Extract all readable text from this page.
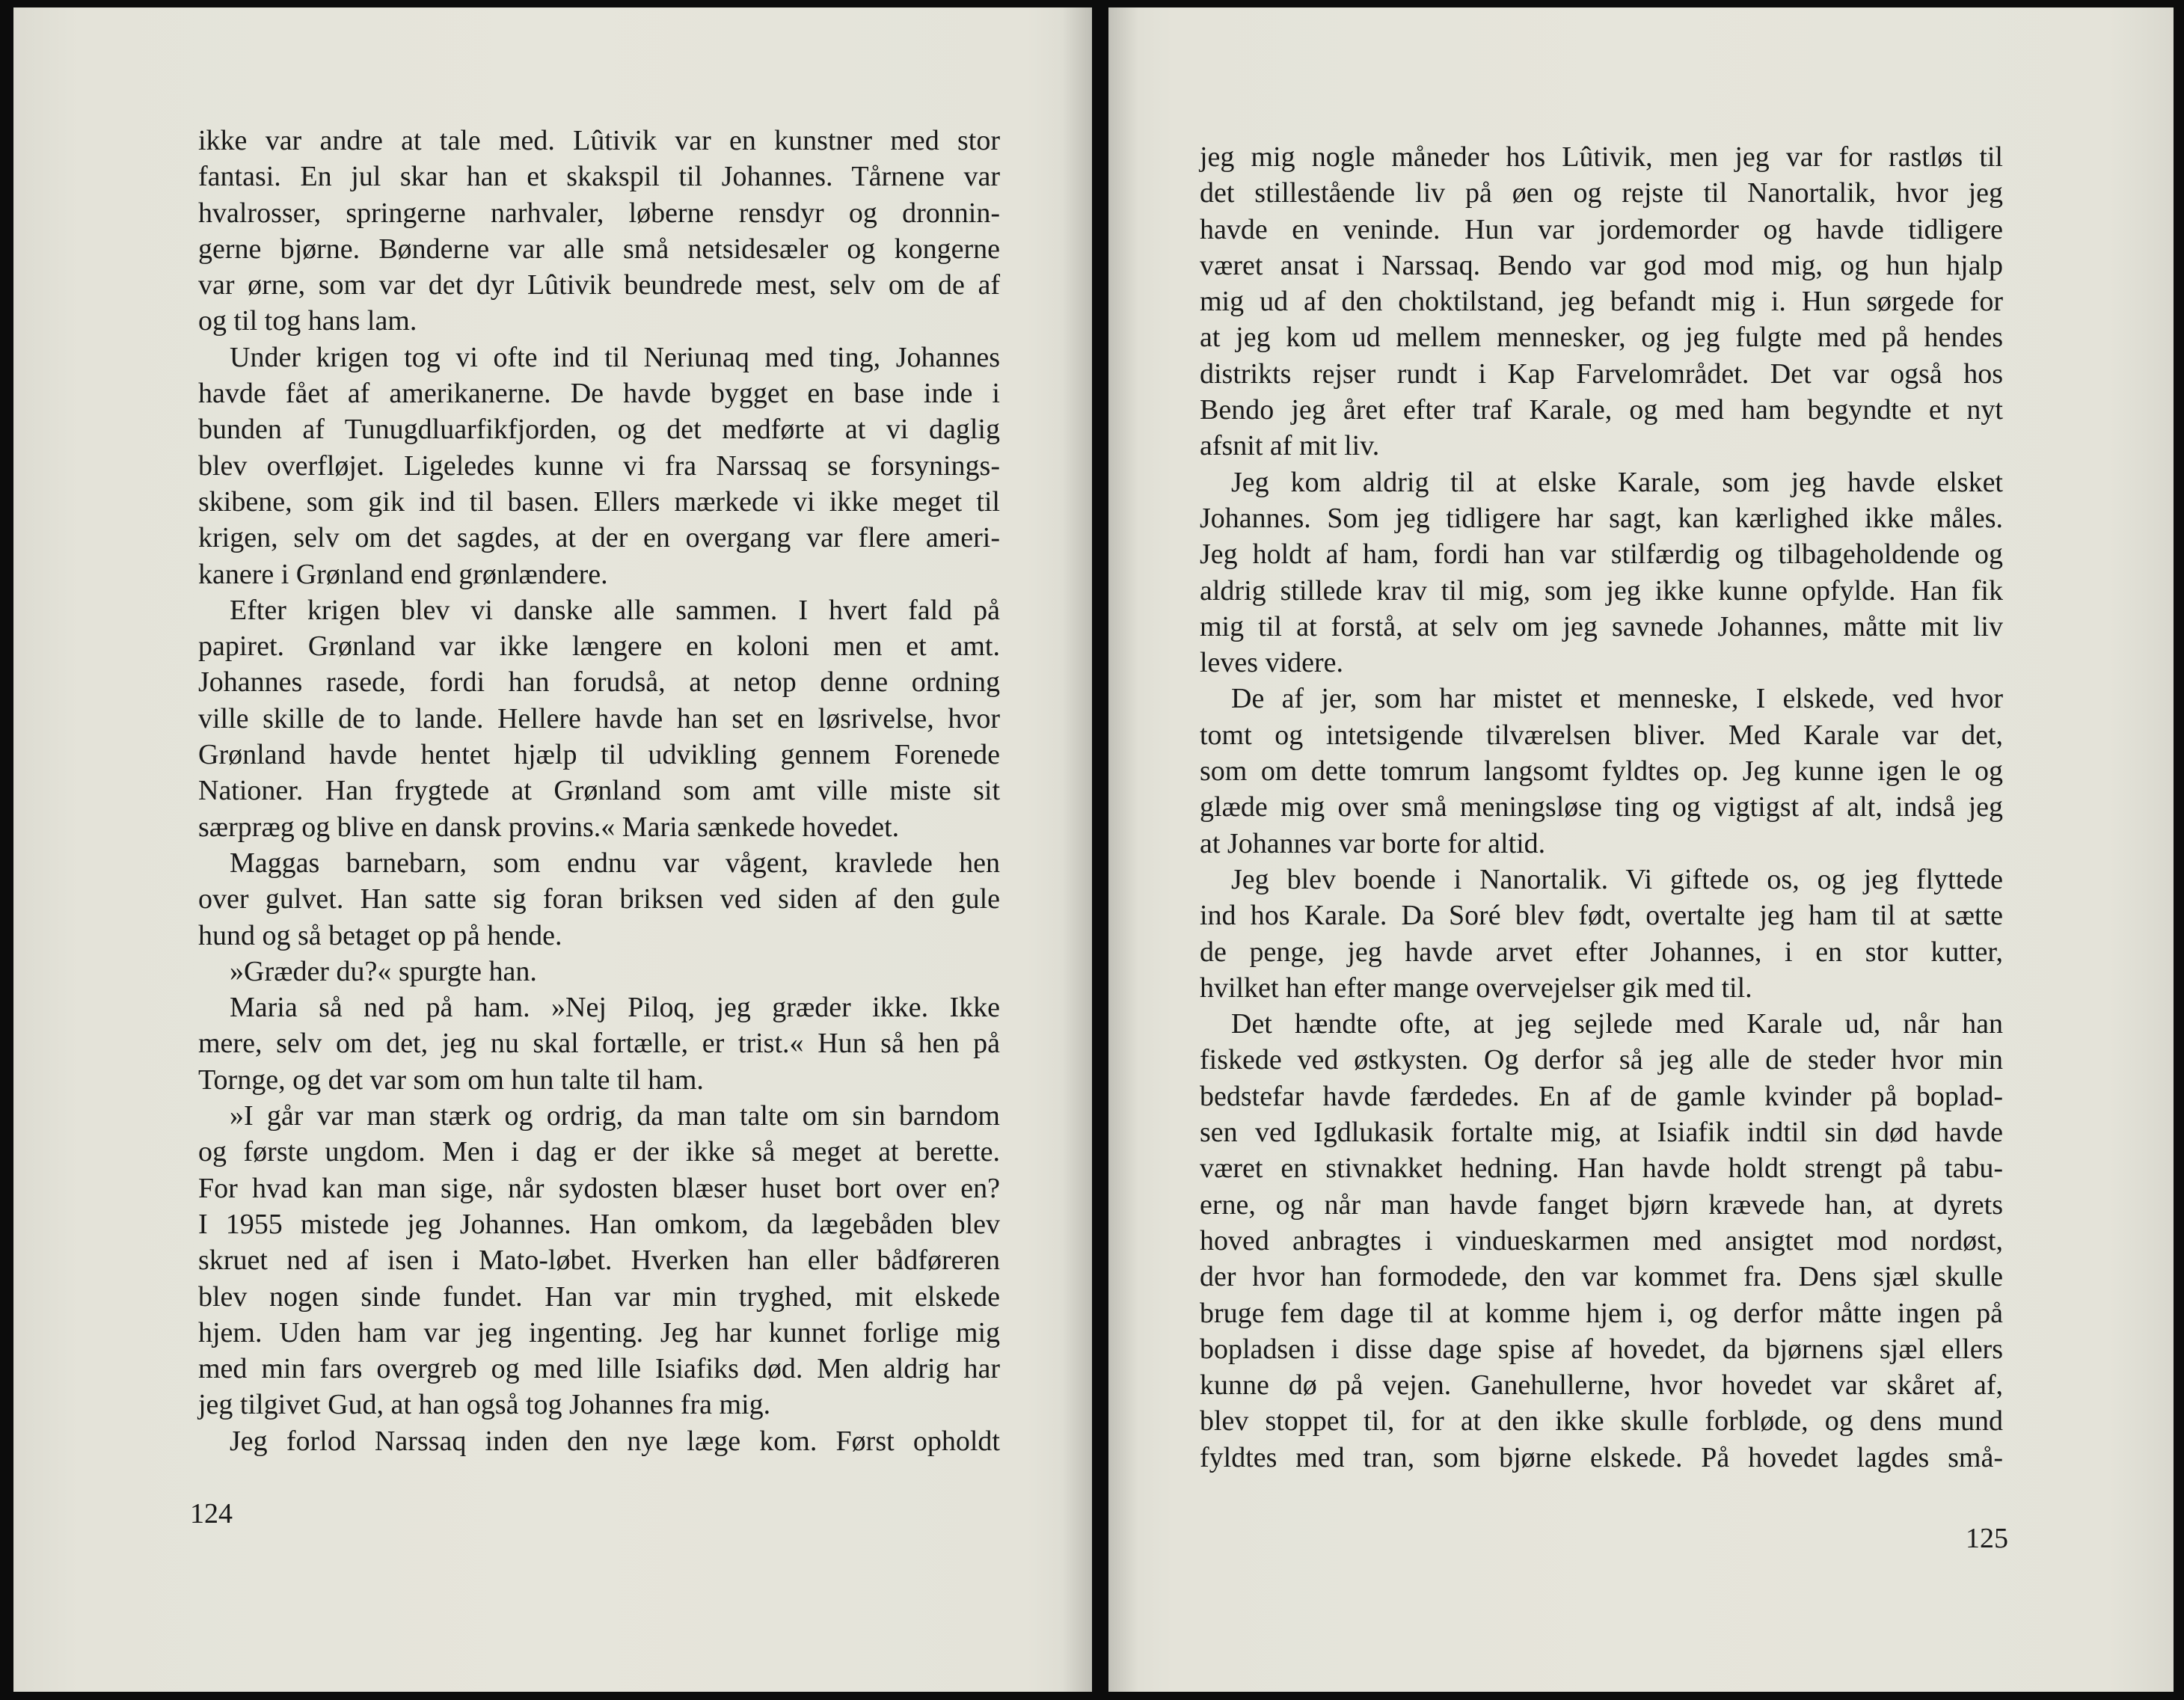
ikke var andre at tale med. Lûtivik var en kunstner med stor
fantasi. En jul skar han et skakspil til Johannes. Tårnene var
hvalrosser, springerne narhvaler, løberne rensdyr og dronnin-
gerne bjørne. Bønderne var alle små netsidesæler og kongerne
var ørne, som var det dyr Lûtivik beundrede mest, selv om de af
og til tog hans lam.
Under krigen tog vi ofte ind til Neriunaq med ting, Johannes
havde fået af amerikanerne. De havde bygget en base inde i
bunden af Tunugdluarfikfjorden, og det medførte at vi daglig
blev overfløjet. Ligeledes kunne vi fra Narssaq se forsynings-
skibene, som gik ind til basen. Ellers mærkede vi ikke meget til
krigen, selv om det sagdes, at der en overgang var flere ameri-
kanere i Grønland end grønlændere.
Efter krigen blev vi danske alle sammen. I hvert fald på
papiret. Grønland var ikke længere en koloni men et amt.
Johannes rasede, fordi han forudså, at netop denne ordning
ville skille de to lande. Hellere havde han set en løsrivelse, hvor
Grønland havde hentet hjælp til udvikling gennem Forenede
Nationer. Han frygtede at Grønland som amt ville miste sit
særpræg og blive en dansk provins.« Maria sænkede hovedet.
Maggas barnebarn, som endnu var vågent, kravlede hen
over gulvet. Han satte sig foran briksen ved siden af den gule
hund og så betaget op på hende.
»Græder du?« spurgte han.
Maria så ned på ham. »Nej Piloq, jeg græder ikke. Ikke
mere, selv om det, jeg nu skal fortælle, er trist.« Hun så hen på
Tornge, og det var som om hun talte til ham.
»I går var man stærk og ordrig, da man talte om sin barndom
og første ungdom. Men i dag er der ikke så meget at berette.
For hvad kan man sige, når sydosten blæser huset bort over en?
I 1955 mistede jeg Johannes. Han omkom, da lægebåden blev
skruet ned af isen i Mato-løbet. Hverken han eller bådføreren
blev nogen sinde fundet. Han var min tryghed, mit elskede
hjem. Uden ham var jeg ingenting. Jeg har kunnet forlige mig
med min fars overgreb og med lille Isiafiks død. Men aldrig har
jeg tilgivet Gud, at han også tog Johannes fra mig.
Jeg forlod Narssaq inden den nye læge kom. Først opholdt
124
jeg mig nogle måneder hos Lûtivik, men jeg var for rastløs til
det stillestående liv på øen og rejste til Nanortalik, hvor jeg
havde en veninde. Hun var jordemorder og havde tidligere
været ansat i Narssaq. Bendo var god mod mig, og hun hjalp
mig ud af den choktilstand, jeg befandt mig i. Hun sørgede for
at jeg kom ud mellem mennesker, og jeg fulgte med på hendes
distrikts rejser rundt i Kap Farvelområdet. Det var også hos
Bendo jeg året efter traf Karale, og med ham begyndte et nyt
afsnit af mit liv.
Jeg kom aldrig til at elske Karale, som jeg havde elsket
Johannes. Som jeg tidligere har sagt, kan kærlighed ikke måles.
Jeg holdt af ham, fordi han var stilfærdig og tilbageholdende og
aldrig stillede krav til mig, som jeg ikke kunne opfylde. Han fik
mig til at forstå, at selv om jeg savnede Johannes, måtte mit liv
leves videre.
De af jer, som har mistet et menneske, I elskede, ved hvor
tomt og intetsigende tilværelsen bliver. Med Karale var det,
som om dette tomrum langsomt fyldtes op. Jeg kunne igen le og
glæde mig over små meningsløse ting og vigtigst af alt, indså jeg
at Johannes var borte for altid.
Jeg blev boende i Nanortalik. Vi giftede os, og jeg flyttede
ind hos Karale. Da Soré blev født, overtalte jeg ham til at sætte
de penge, jeg havde arvet efter Johannes, i en stor kutter,
hvilket han efter mange overvejelser gik med til.
Det hændte ofte, at jeg sejlede med Karale ud, når han
fiskede ved østkysten. Og derfor så jeg alle de steder hvor min
bedstefar havde færdedes. En af de gamle kvinder på boplad-
sen ved Igdlukasik fortalte mig, at Isiafik indtil sin død havde
været en stivnakket hedning. Han havde holdt strengt på tabu-
erne, og når man havde fanget bjørn krævede han, at dyrets
hoved anbragtes i vindueskarmen med ansigtet mod nordøst,
der hvor han formodede, den var kommet fra. Dens sjæl skulle
bruge fem dage til at komme hjem i, og derfor måtte ingen på
bopladsen i disse dage spise af hovedet, da bjørnens sjæl ellers
kunne dø på vejen. Ganehullerne, hvor hovedet var skåret af,
blev stoppet til, for at den ikke skulle forbløde, og dens mund
fyldtes med tran, som bjørne elskede. På hovedet lagdes små-
125
